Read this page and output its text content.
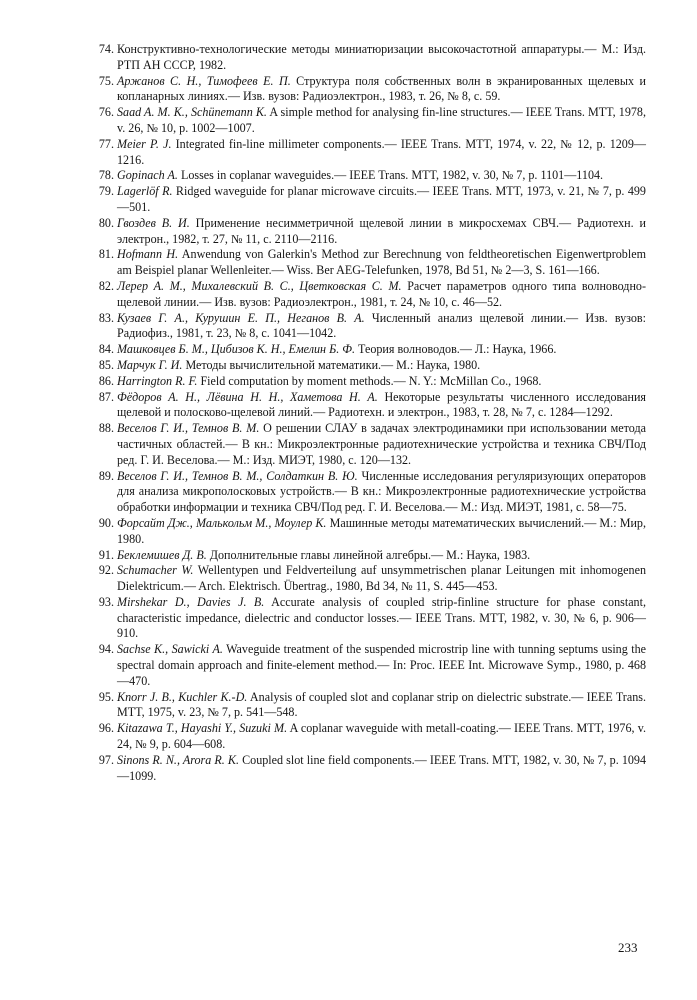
74. Конструктивно-технологические методы миниатюризации высокочастотной аппаратуры.— М.: Изд. РТП АН СССР, 1982.
75. Аржанов С. Н., Тимофеев Е. П. Структура поля собственных волн в экранированных щелевых и копланарных линиях.— Изв. вузов: Радиоэлектрон., 1983, т. 26, № 8, с. 59.
76. Saad A. M. K., Schünemann K. A simple method for analysing fin-line structures.— IEEE Trans. MTT, 1978, v. 26, № 10, p. 1002—1007.
77. Meier P. J. Integrated fin-line millimeter components.— IEEE Trans. MTT, 1974, v. 22, № 12, p. 1209—1216.
78. Gopinach A. Losses in coplanar waveguides.— IEEE Trans. MTT, 1982, v. 30, № 7, p. 1101—1104.
79. Lagerlöf R. Ridged waveguide for planar microwave circuits.— IEEE Trans. MTT, 1973, v. 21, № 7, p. 499—501.
80. Гвоздев В. И. Применение несимметричной щелевой линии в микросхемах СВЧ.— Радиотехн. и электрон., 1982, т. 27, № 11, с. 2110—2116.
81. Hofmann H. Anwendung von Galerkin's Method zur Berechnung von feldtheoretischen Eigenwertproblem am Beispiel planar Wellenleiter.— Wiss. Ber AEG-Telefunken, 1978, Bd 51, № 2—3, S. 161—166.
82. Лерер А. М., Михалевский В. С., Цветковская С. М. Расчет параметров одного типа волноводно-щелевой линии.— Изв. вузов: Радиоэлектрон., 1981, т. 24, № 10, с. 46—52.
83. Кузаев Г. А., Курушин Е. П., Неганов В. А. Численный анализ щелевой линии.— Изв. вузов: Радиофиз., 1981, т. 23, № 8, с. 1041—1042.
84. Машковцев Б. М., Цибизов К. Н., Емелин Б. Ф. Теория волноводов.— Л.: Наука, 1966.
85. Марчук Г. И. Методы вычислительной математики.— М.: Наука, 1980.
86. Harrington R. F. Field computation by moment methods.— N. Y.: McMillan Co., 1968.
87. Фёдоров А. Н., Лёвина Н. Н., Хаметова Н. А. Некоторые результаты численного исследования щелевой и полосково-щелевой линий.— Радиотехн. и электрон., 1983, т. 28, № 7, с. 1284—1292.
88. Веселов Г. И., Темнов В. М. О решении СЛАУ в задачах электродинамики при использовании метода частичных областей.— В кн.: Микроэлектронные радиотехнические устройства и техника СВЧ/Под ред. Г. И. Веселова.— М.: Изд. МИЭТ, 1980, с. 120—132.
89. Веселов Г. И., Темнов В. М., Солдаткин В. Ю. Численные исследования регуляризующих операторов для анализа микрополосковых устройств.— В кн.: Микроэлектронные радиотехнические устройства обработки информации и техника СВЧ/Под ред. Г. И. Веселова.— М.: Изд. МИЭТ, 1981, с. 58—75.
90. Форсайт Дж., Малькольм М., Моулер К. Машинные методы математических вычислений.— М.: Мир, 1980.
91. Беклемишев Д. В. Дополнительные главы линейной алгебры.— М.: Наука, 1983.
92. Schumacher W. Wellentypen und Feldverteilung auf unsymmetrischen planar Leitungen mit inhomogenen Dielektricum.— Arch. Elektrisch. Übertrag., 1980, Bd 34, № 11, S. 445—453.
93. Mirshekar D., Davies J. B. Accurate analysis of coupled strip-finline structure for phase constant, characteristic impedance, dielectric and conductor losses.— IEEE Trans. MTT, 1982, v. 30, № 6, p. 906—910.
94. Sachse K., Sawicki A. Waveguide treatment of the suspended microstrip line with tunning septums using the spectral domain approach and finite-element method.— In: Proc. IEEE Int. Microwave Symp., 1980, p. 468—470.
95. Knorr J. B., Kuchler K.-D. Analysis of coupled slot and coplanar strip on dielectric substrate.— IEEE Trans. MTT, 1975, v. 23, № 7, p. 541—548.
96. Kitazawa T., Hayashi Y., Suzuki M. A coplanar waveguide with metall-coating.— IEEE Trans. MTT, 1976, v. 24, № 9, p. 604—608.
97. Sinons R. N., Arora R. K. Coupled slot line field components.— IEEE Trans. MTT, 1982, v. 30, № 7, p. 1094—1099.
233
